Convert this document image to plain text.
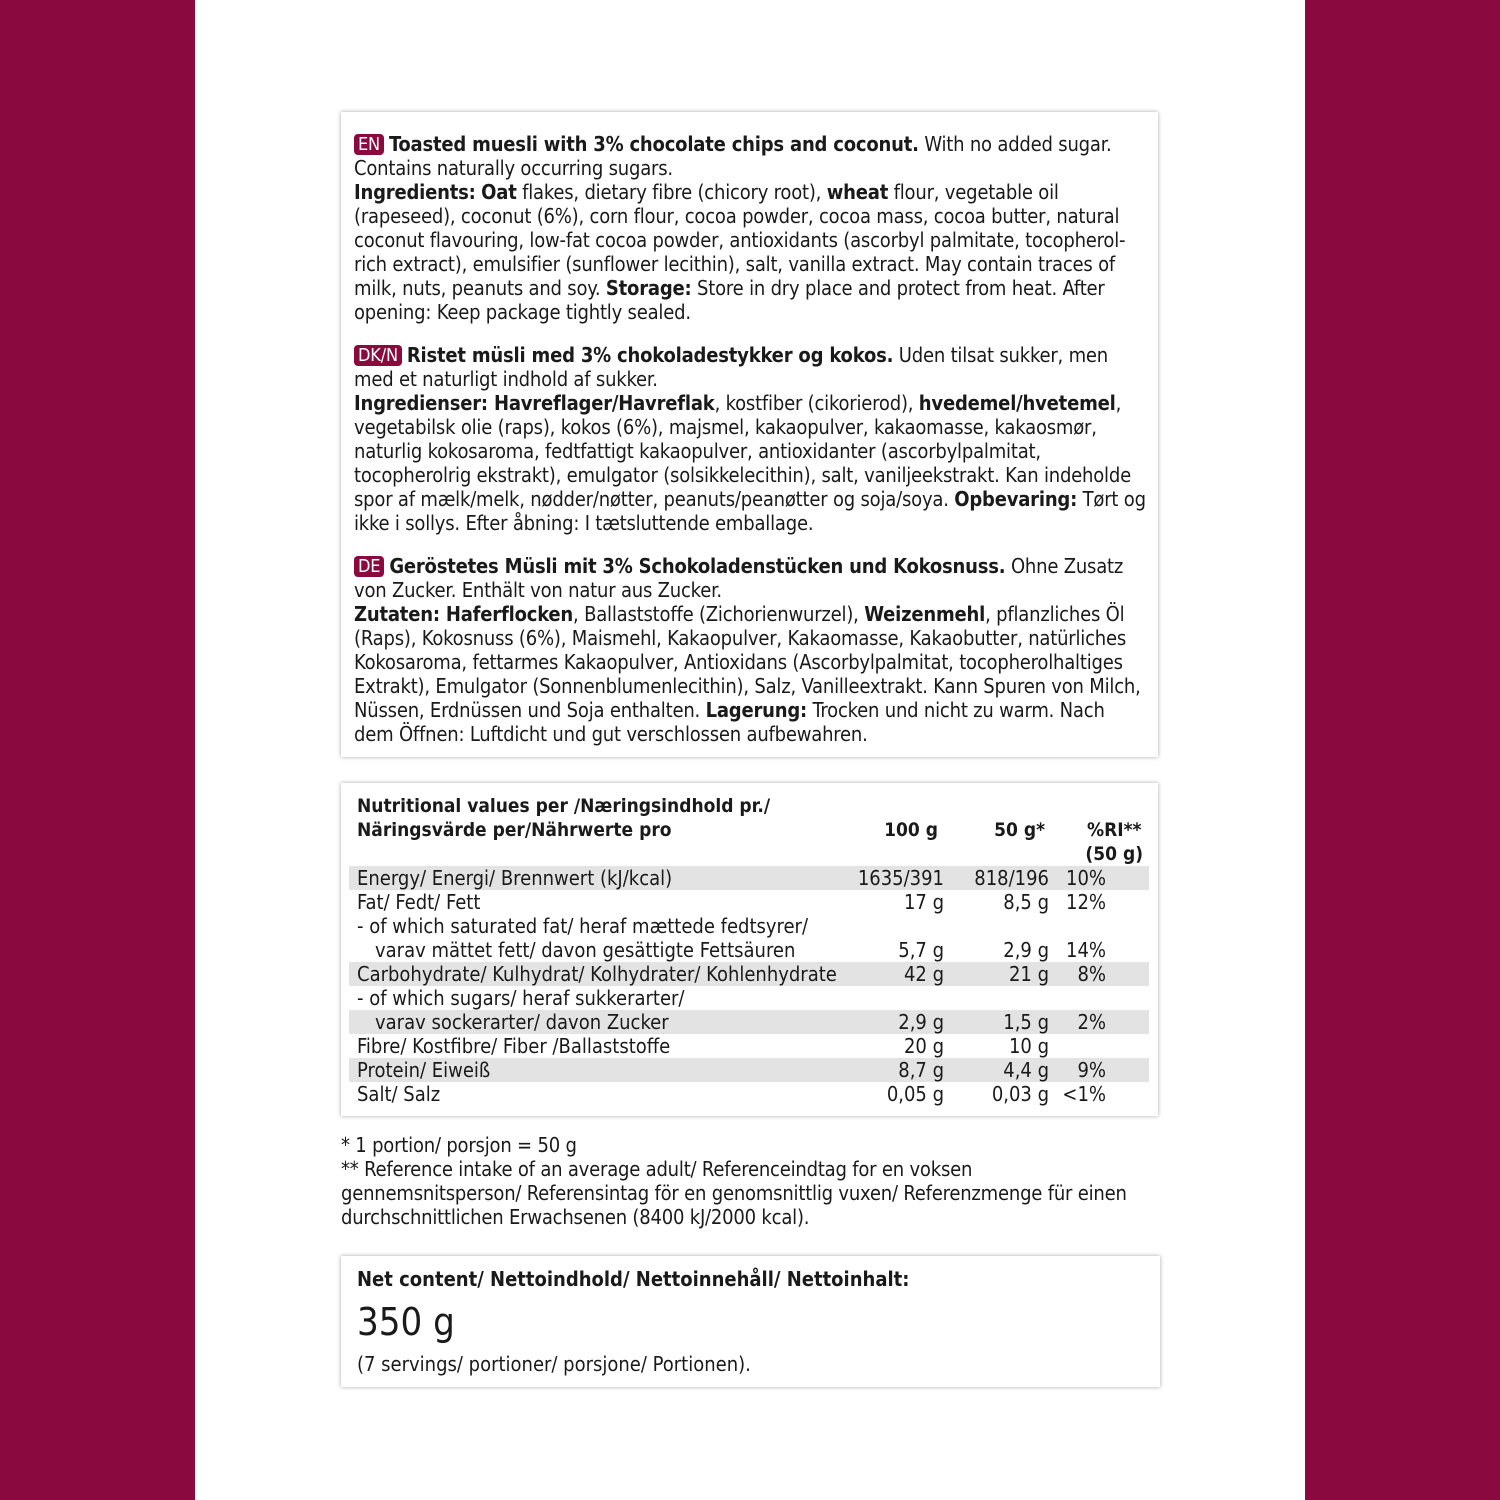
EN Toasted muesli with 3% chocolate chips and coconut. With no added sugar. Contains naturally occurring sugars.
Ingredients: Oat flakes, dietary fibre (chicory root), wheat flour, vegetable oil (rapeseed), coconut (6%), corn flour, cocoa powder, cocoa mass, cocoa butter, natural coconut flavouring, low-fat cocoa powder, antioxidants (ascorbyl palmitate, tocopherol-rich extract), emulsifier (sunflower lecithin), salt, vanilla extract. May contain traces of milk, nuts, peanuts and soy. Storage: Store in dry place and protect from heat. After opening: Keep package tightly sealed.
DK/N Ristet müsli med 3% chokoladestykker og kokos. Uden tilsat sukker, men med et naturligt indhold af sukker.
Ingredienser: Havreflager/Havreflak, kostfiber (cikorierod), hvedemel/hvetemel, vegetabilsk olie (raps), kokos (6%), majsmel, kakaopulver, kakaomasse, kakaosmør, naturlig kokosaroma, fedtfattigt kakaopulver, antioxidanter (ascorbylpalmitat, tocopherolrig ekstrakt), emulgator (solsikkelecithin), salt, vaniljeekstrakt. Kan indeholde spor af mælk/melk, nødder/nøtter, peanuts/peanøtter og soja/soya. Opbevaring: Tørt og ikke i sollys. Efter åbning: I tætsluttende emballage.
DE Geröstetes Müsli mit 3% Schokoladenstücken und Kokosnuss. Ohne Zusatz von Zucker. Enthält von natur aus Zucker.
Zutaten: Haferflocken, Ballaststoffe (Zichorienwurzel), Weizenmehl, pflanzliches Öl (Raps), Kokosnuss (6%), Maismehl, Kakaopulver, Kakaomasse, Kakaobutter, natürliches Kokosaroma, fettarmes Kakaopulver, Antioxidans (Ascorbylpalmitat, tocopherolhaltiges Extrakt), Emulgator (Sonnenblumenlecithin), Salz, Vanilleextrakt. Kann Spuren von Milch, Nüssen, Erdnüssen und Soja enthalten. Lagerung: Trocken und nicht zu warm. Nach dem Öffnen: Luftdicht und gut verschlossen aufbewahren.
Nutritional values per /Næringsindhold pr./
Näringsvärde per/Nährwerte pro	100 g	50 g* %RI**
(50 g)
Energy/ Energi/ Brennwert (kJ/kcal)	1635/391 818/196 10%
Fat/ Fedt/ Fett	17 g	8,5 g 12%
- of which saturated fat/ heraf mættede fedtsyrer/
varav mättet fett/ davon gesättigte Fettsäuren	5,7 g	2,9 g 14%
Carbohydrate/ Kulhydrat/ Kolhydrater/ Kohlenhydrate	42 g	21 g 8%
- of which sugars/ heraf sukkerarter/
varav sockerarter/ davon Zucker	2,9 g	1,5 g 2%
Fibre/ Kostfibre/ Fiber /Ballaststoffe	20 g	10 g
Protein/ Eiweiß	8,7 g	4,4 g 9%
Salt/ Salz	0,05 g 0,03 g <1%
Net content/ Nettoindhold/ Nettoinnehåll/ Nettoinhalt:
350 g
(7 servings/ portioner/ porsjone/ Portionen).
* 1 portion/ porsjon = 50 g
** Reference intake of an average adult/ Referenceindtag for en voksen gennemsnitsperson/ Referensintag för en genomsnittlig vuxen/ Referenzmenge für einen durchschnittlichen Erwachsenen (8400 kJ/2000 kcal).
